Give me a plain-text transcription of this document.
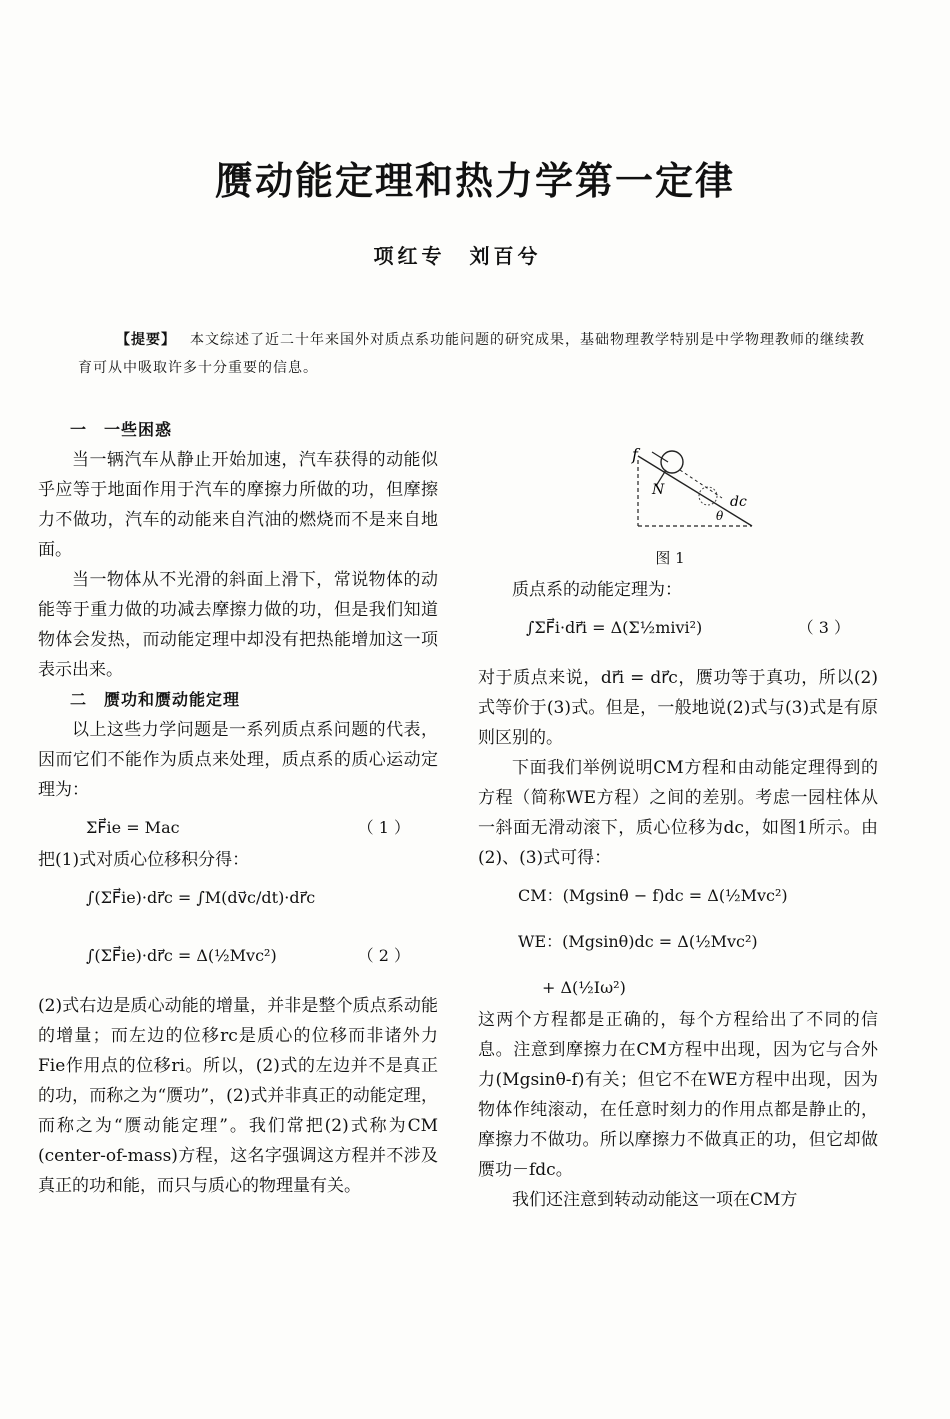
赝动能定理和热力学第一定律
项红专　刘百兮
【提要】 本文综述了近二十年来国外对质点系功能问题的研究成果，基础物理教学特别是中学物理教师的继续教育可从中吸取许多十分重要的信息。

一　一些困惑

当一辆汽车从静止开始加速，汽车获得的动能似乎应等于地面作用于汽车的摩擦力所做的功，但摩擦力不做功，汽车的动能来自汽油的燃烧而不是来自地面。

当一物体从不光滑的斜面上滑下，常说物体的动能等于重力做的功减去摩擦力做的功，但是我们知道物体会发热，而动能定理中却没有把热能增加这一项表示出来。

二　赝功和赝动能定理

以上这些力学问题是一系列质点系问题的代表，因而它们不能作为质点来处理，质点系的质心运动定理为：

ΣF⃗ie = Mac	（ 1 ）

把(1)式对质心位移积分得：

∫(ΣF⃗ie)·dr⃗c = ∫M(dv⃗c/dt)·dr⃗c
∫(ΣF⃗ie)·dr⃗c = Δ(½Mvc²)	（ 2 ）

(2)式右边是质心动能的增量，并非是整个质点系动能的增量；而左边的位移rc是质心的位移而非诸外力Fie作用点的位移ri。所以，(2)式的左边并不是真正的功，而称之为“赝功”，(2)式并非真正的动能定理，而称之为“赝动能定理”。我们常把(2)式称为CM (center-of-mass)方程，这名字强调这方程并不涉及真正的功和能，而只与质心的物理量有关。

f
N
dc
θ
图 1

质点系的动能定理为：

∫ΣF⃗i·dr⃗i = Δ(Σ½mivi²)	（ 3 ）

对于质点来说，dr⃗i = dr⃗c，赝功等于真功，所以(2)式等价于(3)式。但是，一般地说(2)式与(3)式是有原则区别的。

下面我们举例说明CM方程和由动能定理得到的方程（简称WE方程）之间的差别。考虑一园柱体从一斜面无滑动滚下，质心位移为dc，如图1所示。由(2)、(3)式可得：

CM：(Mgsinθ − f)dc = Δ(½Mvc²)
WE：(Mgsinθ)dc = Δ(½Mvc²)
+ Δ(½Iω²)

这两个方程都是正确的，每个方程给出了不同的信息。注意到摩擦力在CM方程中出现，因为它与合外力(Mgsinθ-f)有关；但它不在WE方程中出现，因为物体作纯滚动，在任意时刻力的作用点都是静止的，摩擦力不做功。所以摩擦力不做真正的功，但它却做赝功－fdc。

我们还注意到转动动能这一项在CM方
